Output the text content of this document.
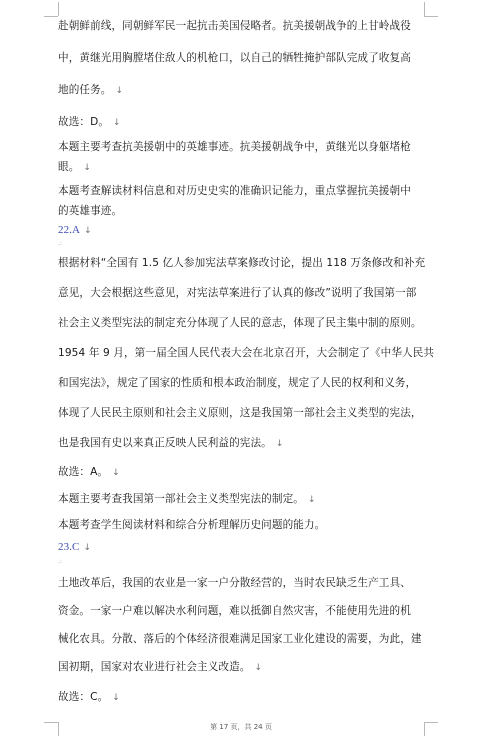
赴朝鲜前线，同朝鲜军民一起抗击美国侵略者。抗美援朝战争的上甘岭战役
中，黄继光用胸膛堵住敌人的机枪口，以自己的牺牲掩护部队完成了收复高
地的任务。 ↓
故选：D。 ↓
本题主要考查抗美援朝中的英雄事迹。抗美援朝战争中，黄继光以身躯堵枪
眼。 ↓
本题考查解读材料信息和对历史史实的准确识记能力，重点掌握抗美援朝中
的英雄事迹。
22.A ↓
.:
根据材料“全国有 1.5 亿人参加宪法草案修改讨论，提出 118 万条修改和补充
意见，大会根据这些意见，对宪法草案进行了认真的修改”说明了我国第一部
社会主义类型宪法的制定充分体现了人民的意志，体现了民主集中制的原则。
1954 年 9 月，第一届全国人民代表大会在北京召开，大会制定了《中华人民共
和国宪法》，规定了国家的性质和根本政治制度，规定了人民的权利和义务，
体现了人民民主原则和社会主义原则，这是我国第一部社会主义类型的宪法，
也是我国有史以来真正反映人民利益的宪法。 ↓
故选：A。 ↓
本题主要考查我国第一部社会主义类型宪法的制定。 ↓
本题考查学生阅读材料和综合分析理解历史问题的能力。
23.C ↓
.:
土地改革后，我国的农业是一家一户分散经营的，当时农民缺乏生产工具、
资金。一家一户难以解决水利问题，难以抵御自然灾害，不能使用先进的机
械化农具。分散、落后的个体经济很难满足国家工业化建设的需要，为此，建
国初期，国家对农业进行社会主义改造。 ↓
故选：C。 ↓
第 17 页，共 24 页
